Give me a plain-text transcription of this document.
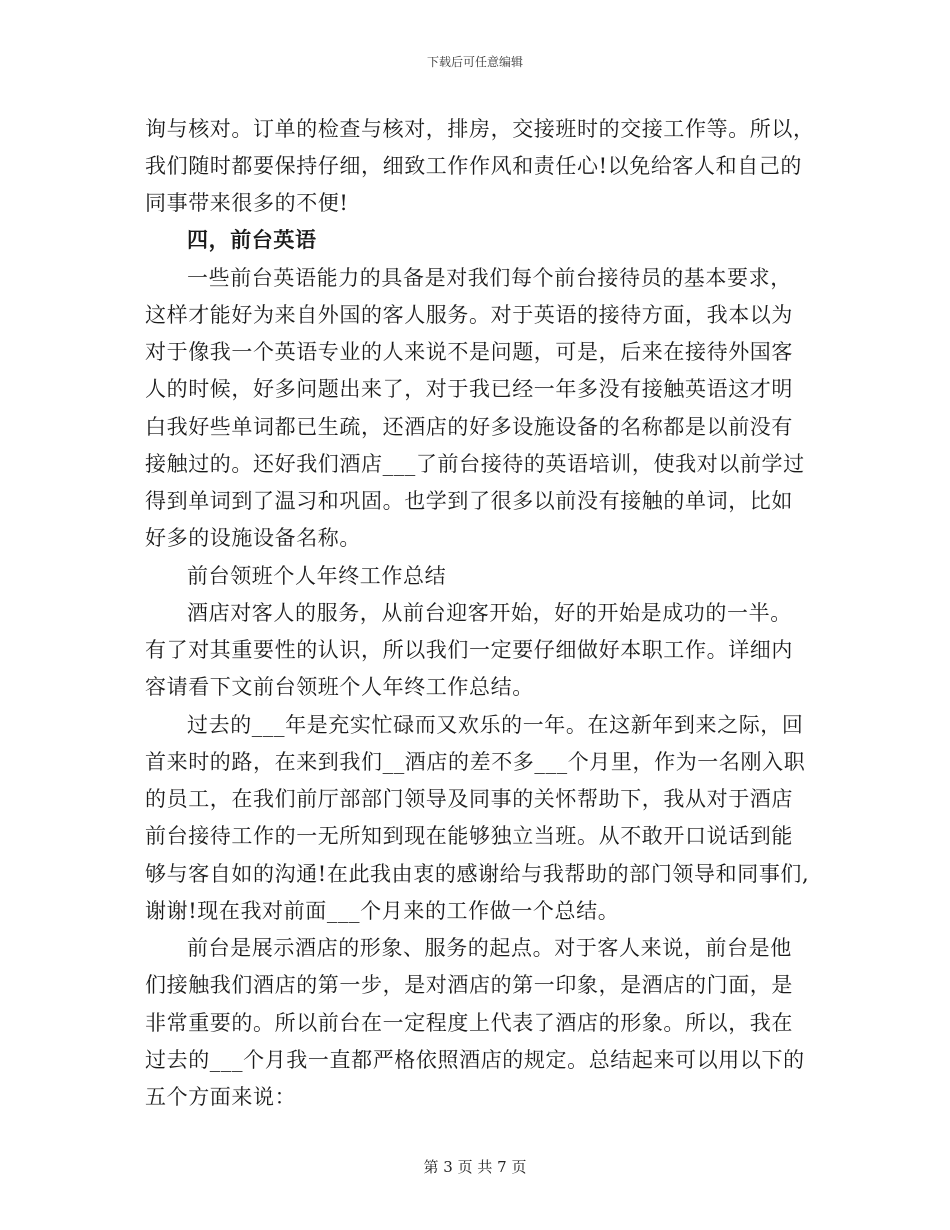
下载后可任意编辑
询与核对。订单的检查与核对，排房，交接班时的交接工作等。所以，
我们随时都要保持仔细，细致工作作风和责任心!以免给客人和自己的
同事带来很多的不便!
四，前台英语
一些前台英语能力的具备是对我们每个前台接待员的基本要求，
这样才能好为来自外国的客人服务。对于英语的接待方面，我本以为
对于像我一个英语专业的人来说不是问题，可是，后来在接待外国客
人的时候，好多问题出来了，对于我已经一年多没有接触英语这才明
白我好些单词都已生疏，还酒店的好多设施设备的名称都是以前没有
接触过的。还好我们酒店___了前台接待的英语培训，使我对以前学过
得到单词到了温习和巩固。也学到了很多以前没有接触的单词，比如
好多的设施设备名称。
前台领班个人年终工作总结
酒店对客人的服务，从前台迎客开始，好的开始是成功的一半。
有了对其重要性的认识，所以我们一定要仔细做好本职工作。详细内
容请看下文前台领班个人年终工作总结。
过去的___年是充实忙碌而又欢乐的一年。在这新年到来之际，回
首来时的路，在来到我们__酒店的差不多___个月里，作为一名刚入职
的员工，在我们前厅部部门领导及同事的关怀帮助下，我从对于酒店
前台接待工作的一无所知到现在能够独立当班。从不敢开口说话到能
够与客自如的沟通!在此我由衷的感谢给与我帮助的部门领导和同事们,
谢谢!现在我对前面___个月来的工作做一个总结。
前台是展示酒店的形象、服务的起点。对于客人来说，前台是他
们接触我们酒店的第一步，是对酒店的第一印象，是酒店的门面，是
非常重要的。所以前台在一定程度上代表了酒店的形象。所以，我在
过去的___个月我一直都严格依照酒店的规定。总结起来可以用以下的
五个方面来说：
第 3 页 共 7 页
